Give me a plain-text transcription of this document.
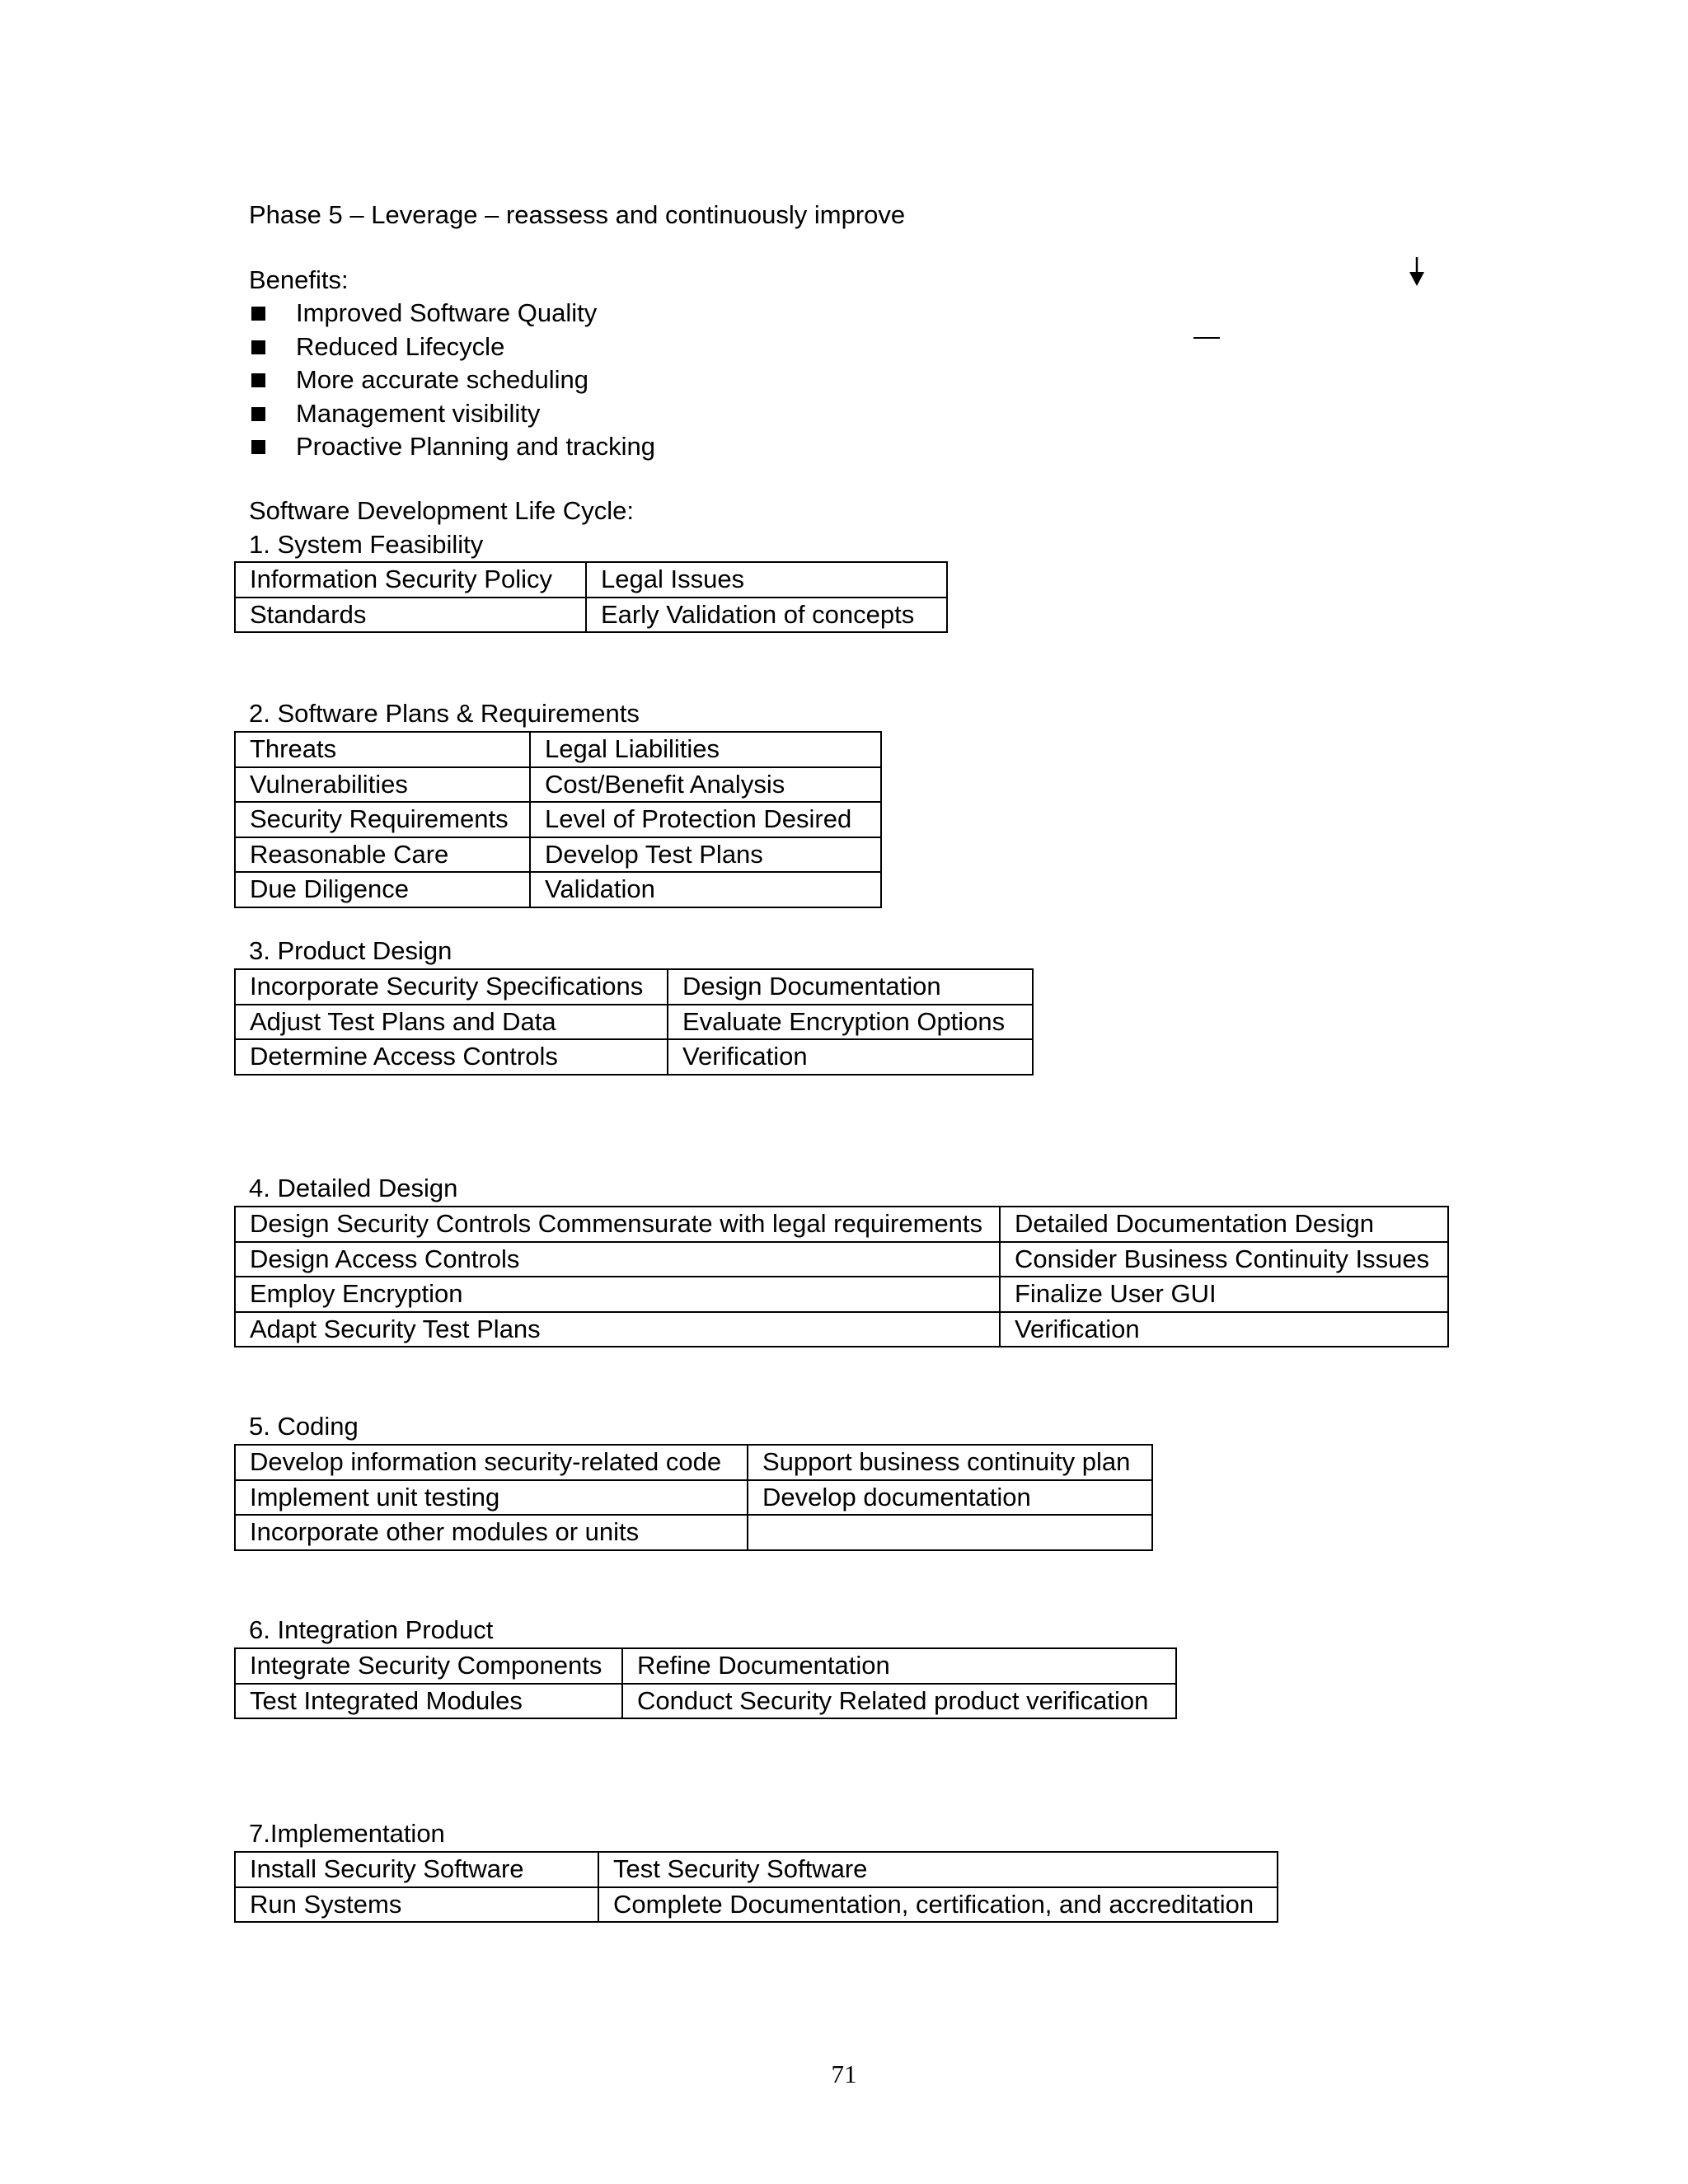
Phase 5 – Leverage – reassess and continuously improve
Benefits:
Improved Software Quality
Reduced Lifecycle
More accurate scheduling
Management visibility
Proactive Planning and tracking
Software Development Life Cycle:
1. System Feasibility
Information Security Policy	Legal Issues
Standards	Early Validation of concepts
2. Software Plans & Requirements
Threats	Legal Liabilities
Vulnerabilities	Cost/Benefit Analysis
Security Requirements	Level of Protection Desired
Reasonable Care	Develop Test Plans
Due Diligence	Validation
3. Product Design
Incorporate Security Specifications	Design Documentation
Adjust Test Plans and Data	Evaluate Encryption Options
Determine Access Controls	Verification
4. Detailed Design
Design Security Controls Commensurate with legal requirements	Detailed Documentation Design
Design Access Controls	Consider Business Continuity Issues
Employ Encryption	Finalize User GUI
Adapt Security Test Plans	Verification
5. Coding
Develop information security-related code	Support business continuity plan
Implement unit testing	Develop documentation
Incorporate other modules or units	
6. Integration Product
Integrate Security Components	Refine Documentation
Test Integrated Modules	Conduct Security Related product verification
7.Implementation
Install Security Software	Test Security Software
Run Systems	Complete Documentation, certification, and accreditation
71
